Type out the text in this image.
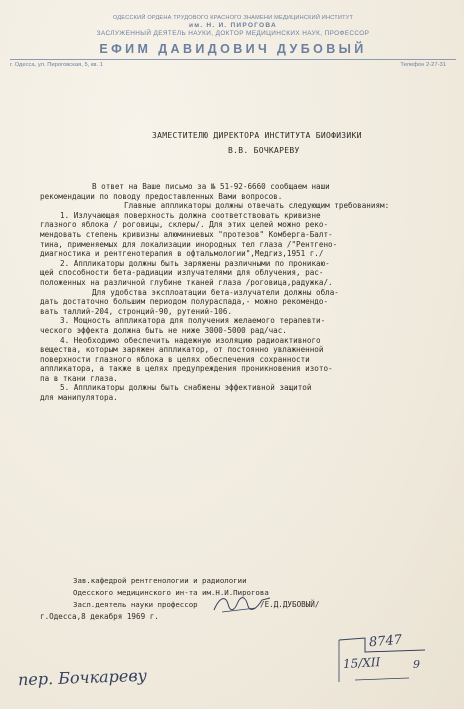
ОДЕССКИЙ ОРДЕНА ТРУДОВОГО КРАСНОГО ЗНАМЕНИ МЕДИЦИНСКИЙ ИНСТИТУТ
им. Н. И. ПИРОГОВА
ЗАСЛУЖЕННЫЙ ДЕЯТЕЛЬ НАУКИ, ДОКТОР МЕДИЦИНСКИХ НАУК, ПРОФЕССОР
ЕФИМ ДАВИДОВИЧ ДУБОВЫЙ
г. Одесса, ул. Пироговская, 5, кв. 1	Телефон 2-27-31
ЗАМЕСТИТЕЛЮ ДИРЕКТОРА ИНСТИТУТА БИОФИЗИКИ
В.В. БОЧКАРЕВУ

В ответ на Ваше письмо за № 51-92-6660 сообщаем наши

рекомендации по поводу предоставленных Вами вопросов.

Главные аппликаторы должны отвечать следующим требованиям:

1. Излучающая поверхность должна соответствовать кривизне

глазного яблока / роговицы, склеры/. Для этих целей можно реко-

мендовать степень кривизны алюминиевых "протезов" Комберга-Балт-

тина, применяемых для локализации инородных тел глаза /"Рентгено-

диагностика и рентгенотерапия в офтальмологии",Медгиз,1951 г./

2. Аппликаторы должны быть заряжены различными по проникаю-

щей способности бета-радиации излучателями для облучения, рас-

положенных на различной глубине тканей глаза /роговица,радужка/.

Для удобства эксплоатации бета-излучатели должны обла-

дать достаточно большим периодом полураспада,- можно рекомендо-

вать таллий-204, стронций-90, рутений-106.

3. Мощность аппликатора для получения желаемого терапевти-

ческого эффекта должна быть не ниже 3000-5000 рад/час.

4. Необходимо обеспечить надежную изоляцию радиоактивного

вещества, которым заряжен аппликатор, от постоянно увлажненной

поверхности глазного яблока в целях обеспечения сохранности

аппликатора, а также в целях предупреждения проникновения изото-

па в ткани глаза.

5. Аппликаторы должны быть снабжены эффективной защитой

для манипулятора.

Зав.кафедрой рентгенологии и радиологии
Одесского медицинского ин-та им.Н.И.Пирогова
Засл.деятель науки профессор	/Е.Д.ДУБОВЫЙ/
г.Одесса,8 декабря 1969 г.
8747
15/XII	9
пер. Бочкареву
